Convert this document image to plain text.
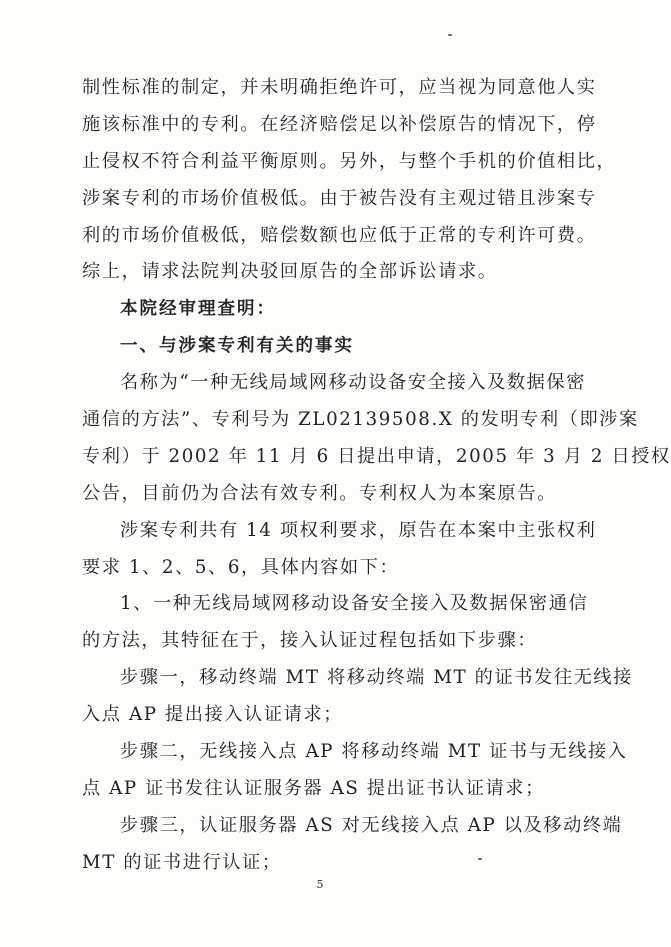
制性标准的制定，并未明确拒绝许可，应当视为同意他人实
施该标准中的专利。在经济赔偿足以补偿原告的情况下，停
止侵权不符合利益平衡原则。另外，与整个手机的价值相比，
涉案专利的市场价值极低。由于被告没有主观过错且涉案专
利的市场价值极低，赔偿数额也应低于正常的专利许可费。
综上，请求法院判决驳回原告的全部诉讼请求。
本院经审理查明：
一、与涉案专利有关的事实
名称为“一种无线局域网移动设备安全接入及数据保密
通信的方法”、专利号为 ZL02139508.X 的发明专利（即涉案
专利）于 2002 年 11 月 6 日提出申请，2005 年 3 月 2 日授权
公告，目前仍为合法有效专利。专利权人为本案原告。
涉案专利共有 14 项权利要求，原告在本案中主张权利
要求 1、2、5、6，具体内容如下：
1、一种无线局域网移动设备安全接入及数据保密通信
的方法，其特征在于，接入认证过程包括如下步骤：
步骤一，移动终端 MT 将移动终端 MT 的证书发往无线接
入点 AP 提出接入认证请求；
步骤二，无线接入点 AP 将移动终端 MT 证书与无线接入
点 AP 证书发往认证服务器 AS 提出证书认证请求；
步骤三，认证服务器 AS 对无线接入点 AP 以及移动终端
MT 的证书进行认证；
5
